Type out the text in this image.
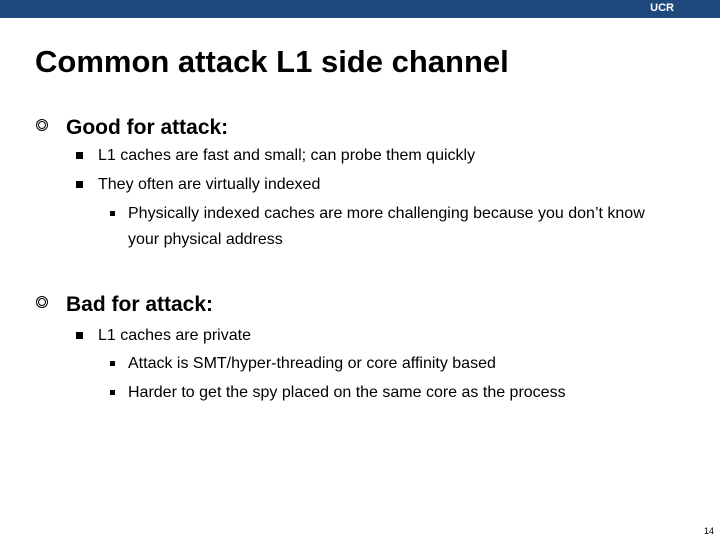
UCR
Common attack L1 side channel
Good for attack:
L1 caches are fast and small; can probe them quickly
They often are virtually indexed
Physically indexed caches are more challenging because you don’t know your physical address
Bad for attack:
L1 caches are private
Attack is SMT/hyper-threading or core affinity based
Harder to get the spy placed on the same core as the process
14
